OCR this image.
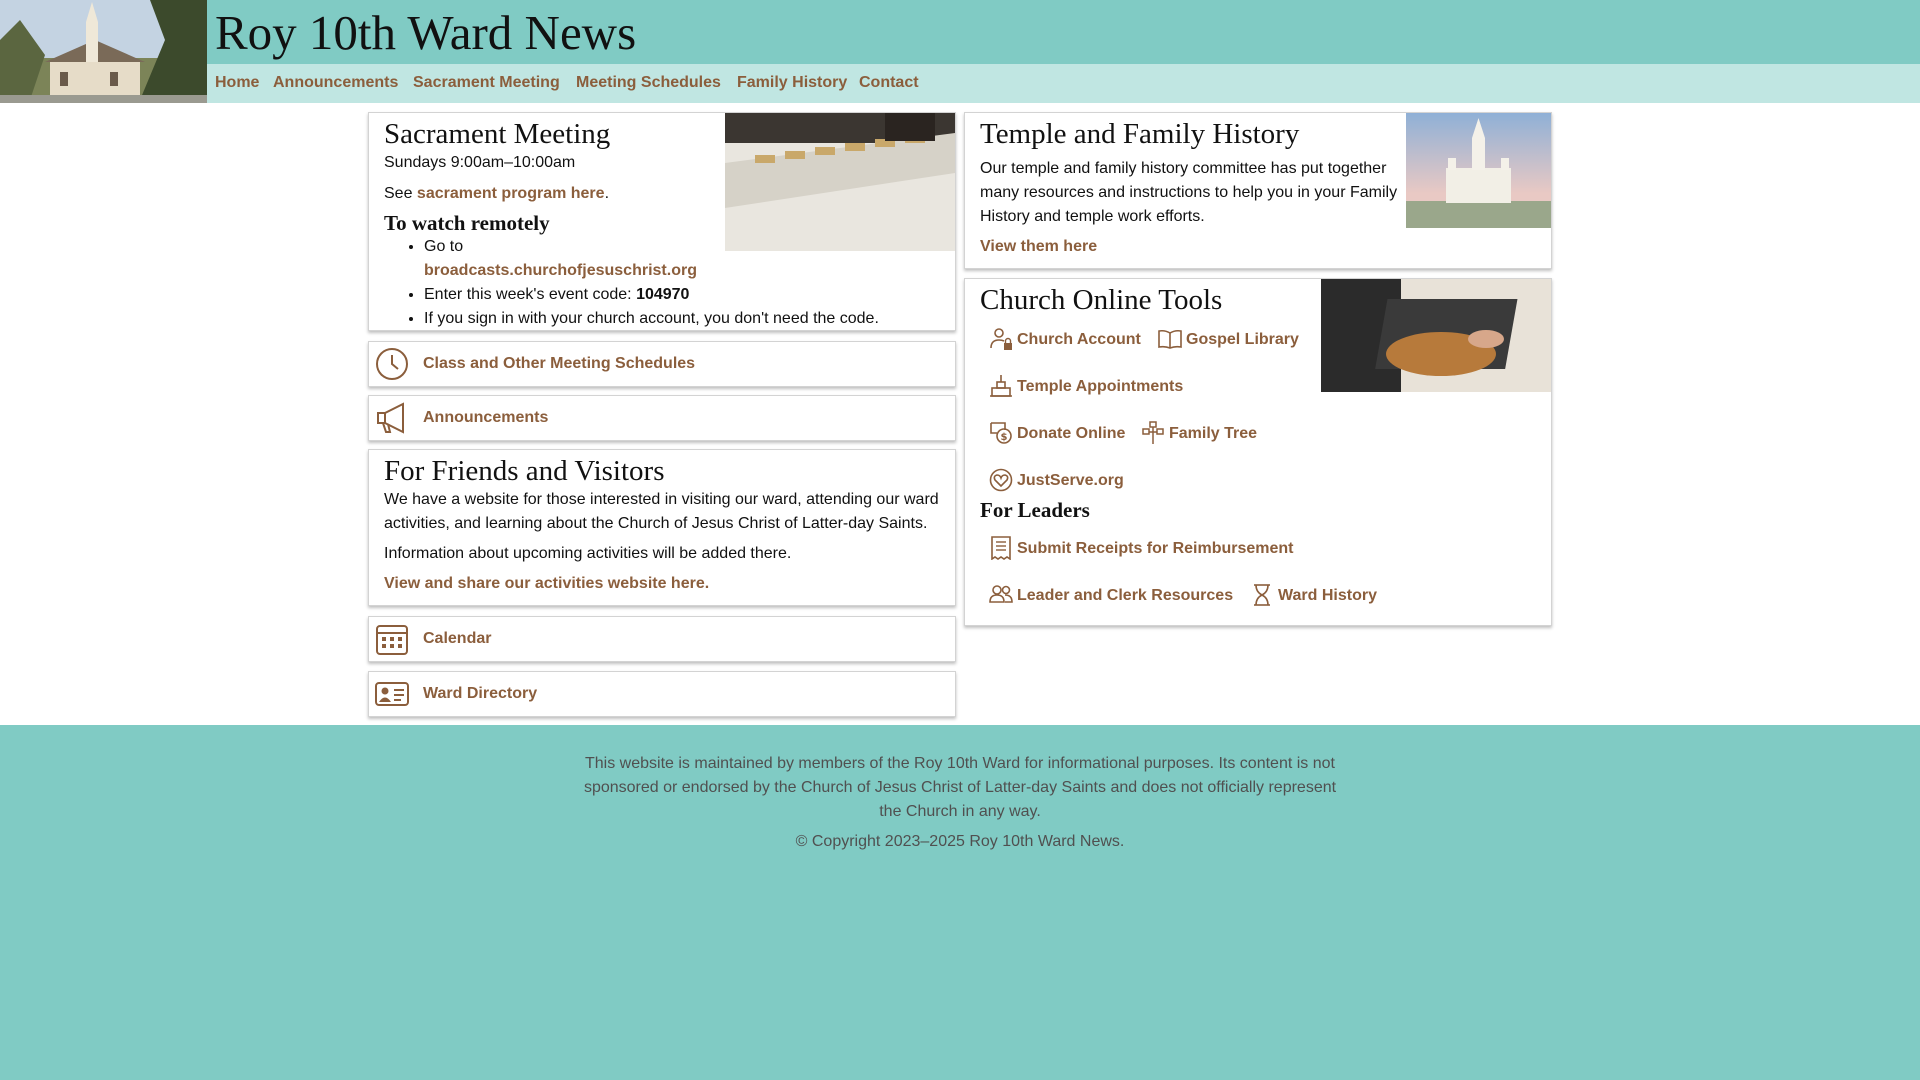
Roy 10th Ward News
Home Announcements Sacrament Meeting Meeting Schedules Family History Contact
Sacrament Meeting

Sundays 9:00am–10:00am

See sacrament program here.

To watch remotely
• Go to
broadcasts.churchofjesuschrist.org
• Enter this week's event code: 104970
• If you sign in with your church account, you don't need the code.
Class and Other Meeting Schedules
Announcements
For Friends and Visitors

We have a website for those interested in visiting our ward, attending our ward activities, and learning about the Church of Jesus Christ of Latter-day Saints.

Information about upcoming activities will be added there.

View and share our activities website here.

Calendar
Ward Directory
Temple and Family History

Our temple and family history committee has put together many resources and instructions to help you in your Family History and temple work efforts.

View them here

Church Online Tools
Church Account	Gospel Library
Temple Appointments
$ Donate Online	Family Tree
JustServe.org
For Leaders
Submit Receipts for Reimbursement
Leader and Clerk Resources	Ward History

This website is maintained by members of the Roy 10th Ward for informational purposes. Its content is not sponsored or endorsed by the Church of Jesus Christ of Latter-day Saints and does not officially represent the Church in any way.

© Copyright 2023–2025 Roy 10th Ward News.
